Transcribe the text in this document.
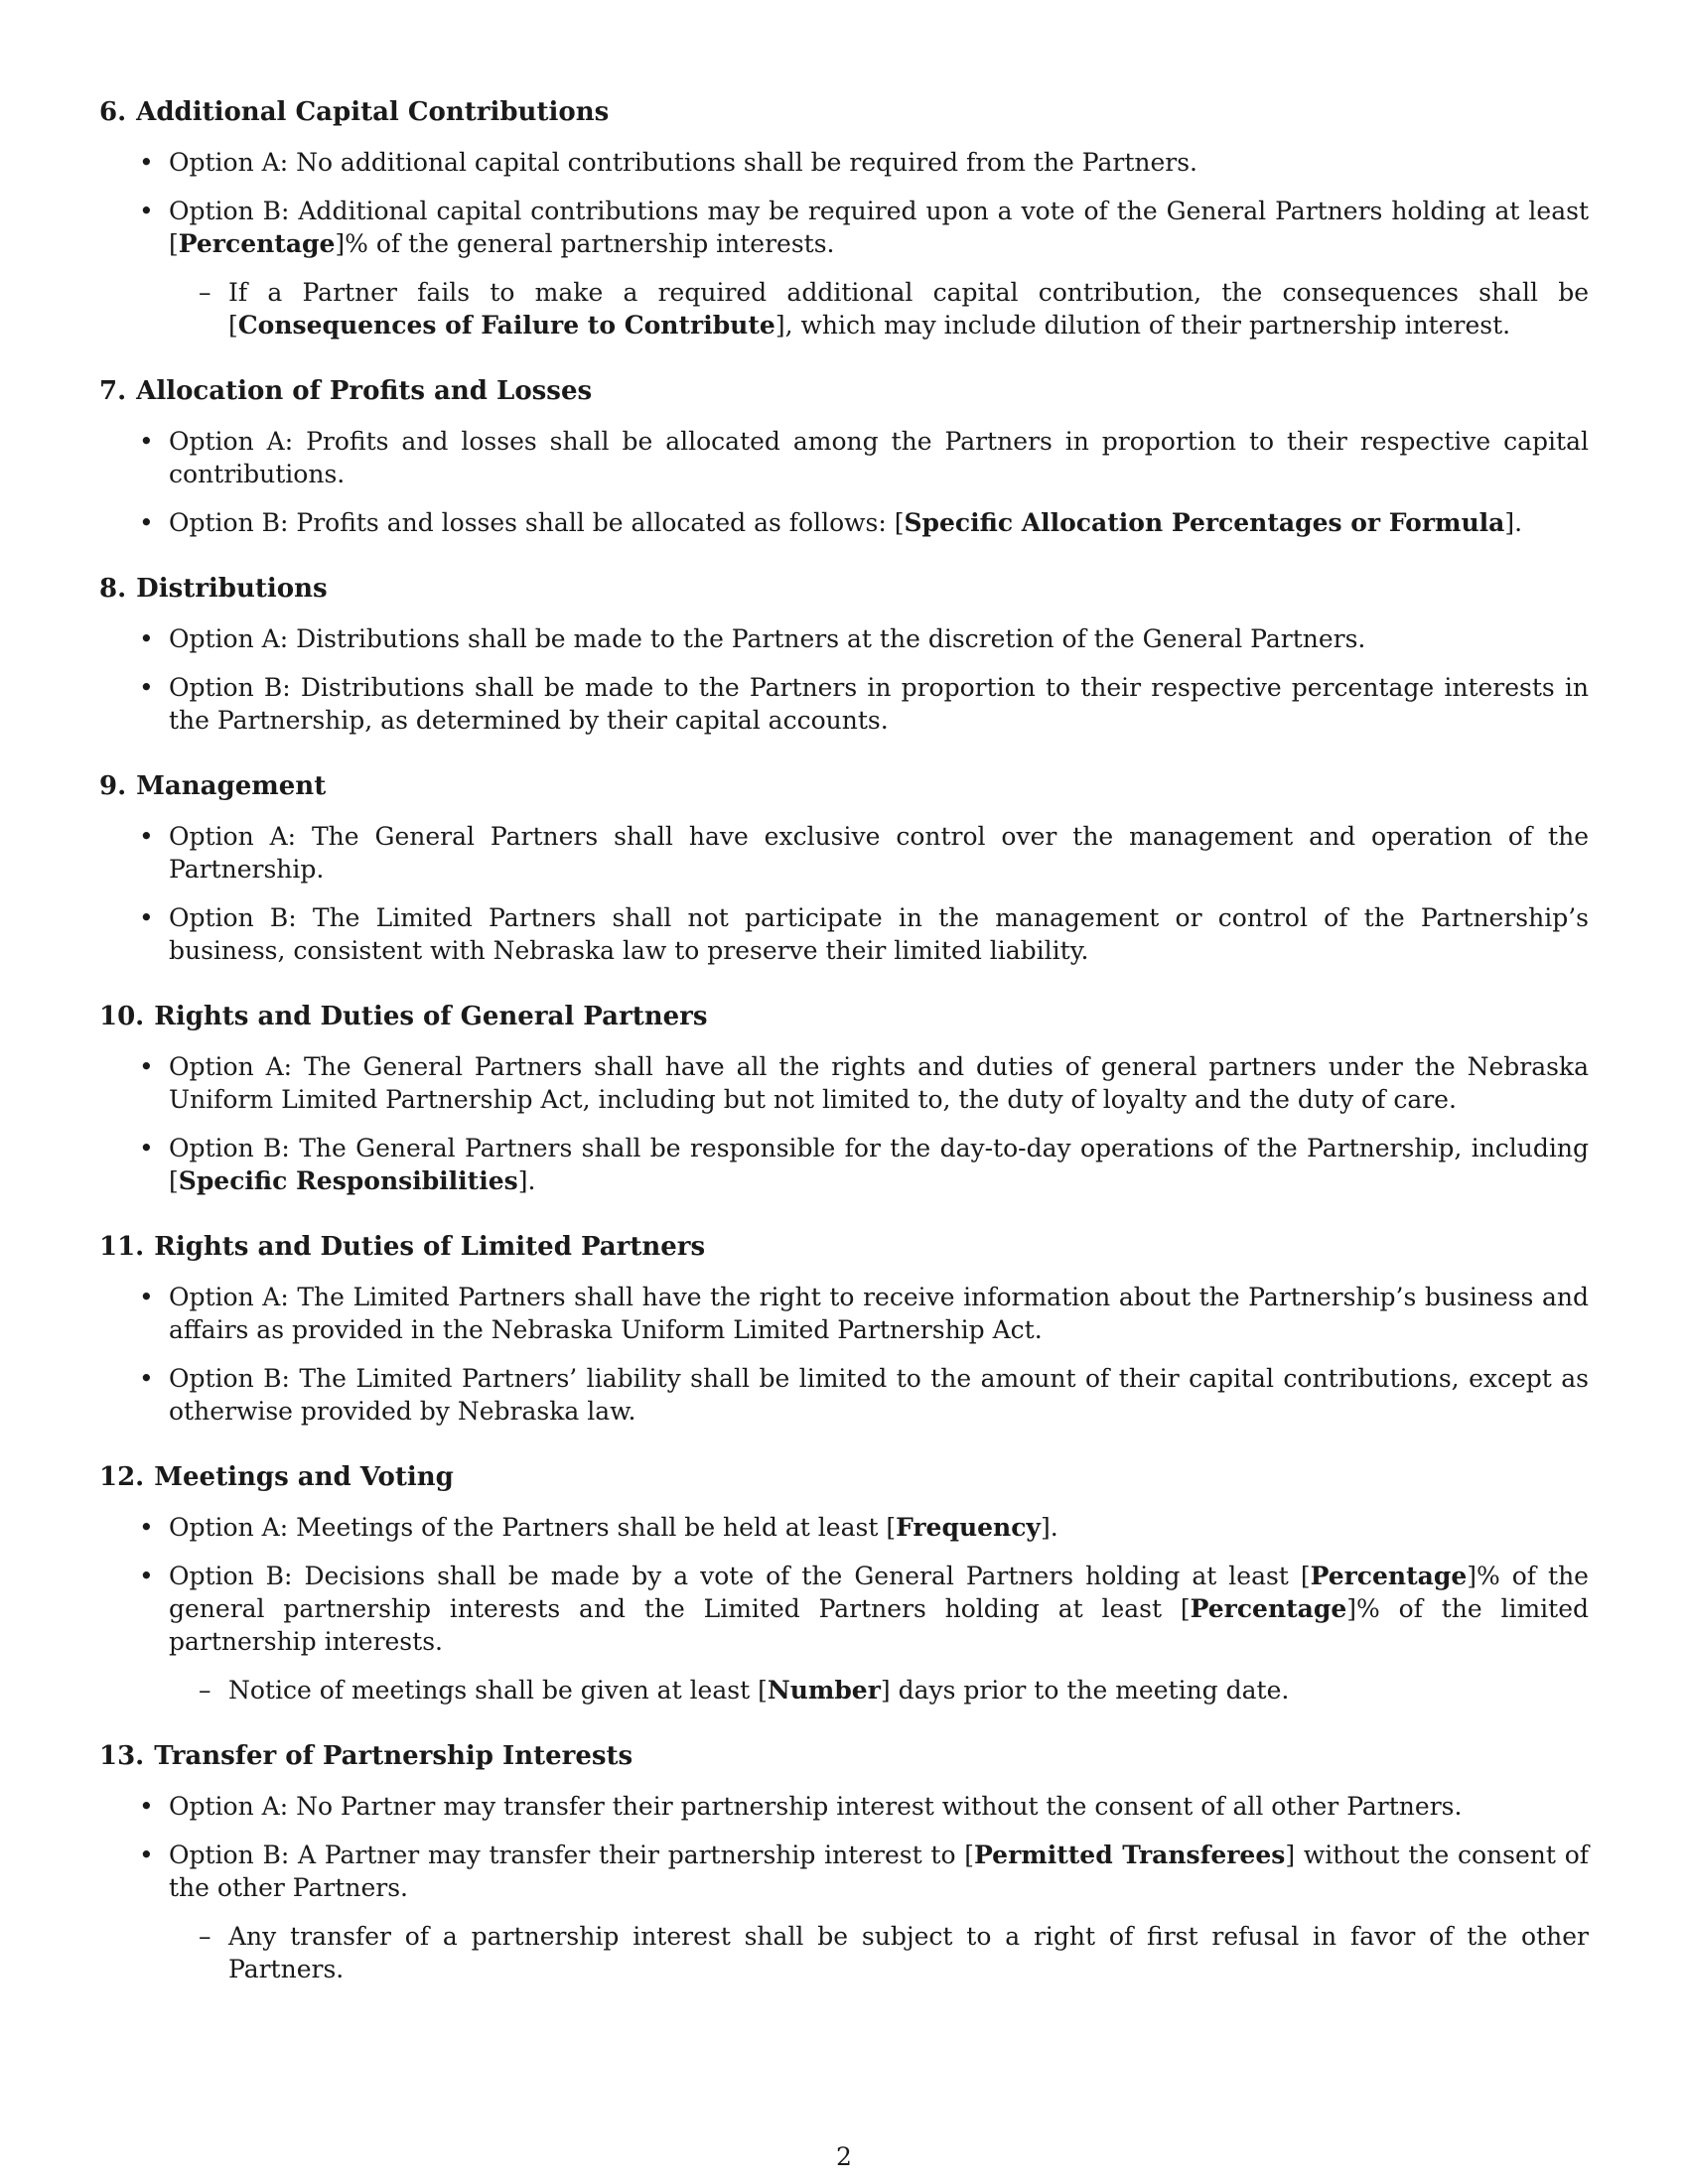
6. Additional Capital Contributions
• Option A: No additional capital contributions shall be required from the Partners.
• Option B: Additional capital contributions may be required upon a vote of the General Partners holding at least [Percentage]% of the general partnership interests.
– If a Partner fails to make a required additional capital contribution, the consequences shall be [Consequences of Failure to Contribute], which may include dilution of their partnership interest.
7. Allocation of Profits and Losses
• Option A: Profits and losses shall be allocated among the Partners in proportion to their respective capital contributions.
• Option B: Profits and losses shall be allocated as follows: [Specific Allocation Percentages or Formula].
8. Distributions
• Option A: Distributions shall be made to the Partners at the discretion of the General Partners.
• Option B: Distributions shall be made to the Partners in proportion to their respective percentage interests in the Partnership, as determined by their capital accounts.
9. Management
• Option A: The General Partners shall have exclusive control over the management and operation of the Partnership.
• Option B: The Limited Partners shall not participate in the management or control of the Partnership’s business, consistent with Nebraska law to preserve their limited liability.
10. Rights and Duties of General Partners
• Option A: The General Partners shall have all the rights and duties of general partners under the Nebraska Uniform Limited Partnership Act, including but not limited to, the duty of loyalty and the duty of care.
• Option B: The General Partners shall be responsible for the day-to-day operations of the Partnership, including [Specific Responsibilities].
11. Rights and Duties of Limited Partners
• Option A: The Limited Partners shall have the right to receive information about the Partnership’s business and affairs as provided in the Nebraska Uniform Limited Partnership Act.
• Option B: The Limited Partners’ liability shall be limited to the amount of their capital contributions, except as otherwise provided by Nebraska law.
12. Meetings and Voting
• Option A: Meetings of the Partners shall be held at least [Frequency].
• Option B: Decisions shall be made by a vote of the General Partners holding at least [Percentage]% of the general partnership interests and the Limited Partners holding at least [Percentage]% of the limited partnership interests.
– Notice of meetings shall be given at least [Number] days prior to the meeting date.
13. Transfer of Partnership Interests
• Option A: No Partner may transfer their partnership interest without the consent of all other Partners.
• Option B: A Partner may transfer their partnership interest to [Permitted Transferees] without the consent of the other Partners.
– Any transfer of a partnership interest shall be subject to a right of first refusal in favor of the other Partners.
2
